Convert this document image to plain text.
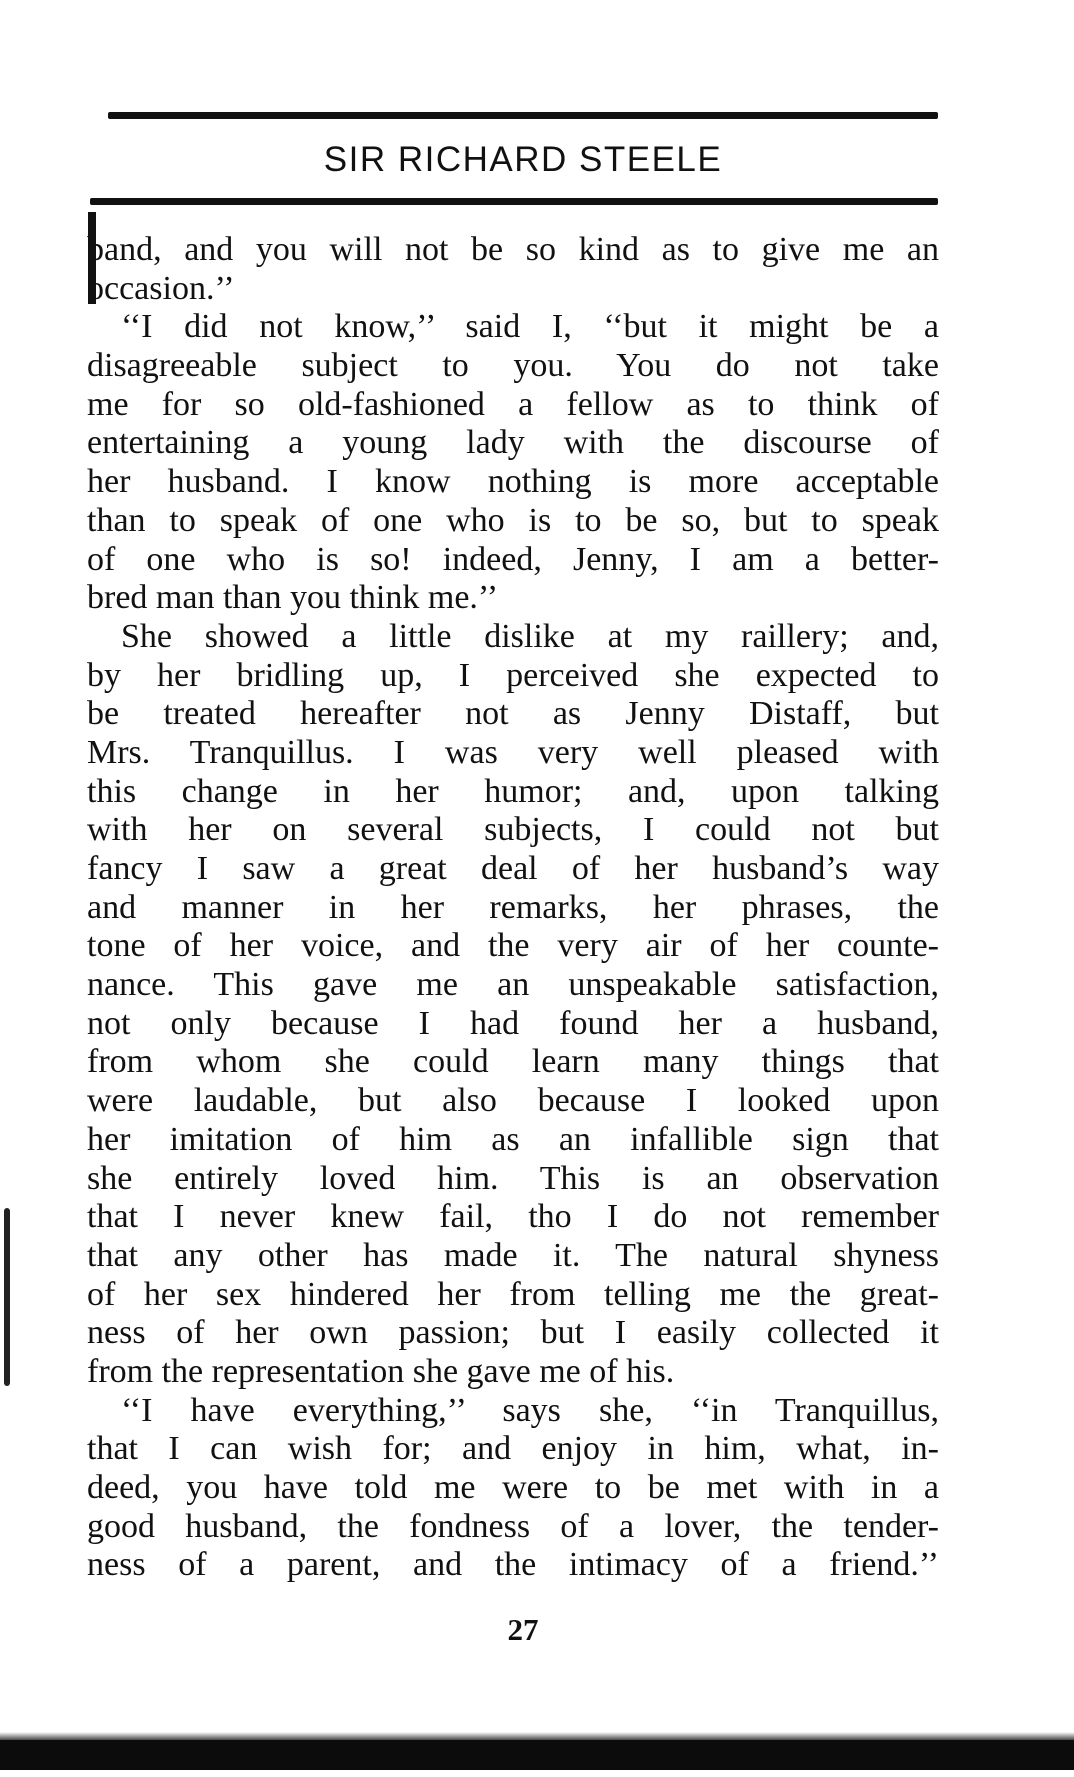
SIR RICHARD STEELE
band, and you will not be so kind as to give me an
occasion.’’
‘‘I did not know,’’ said I, ‘‘but it might be a
disagreeable subject to you. You do not take
me for so old-fashioned a fellow as to think of
entertaining a young lady with the discourse of
her husband. I know nothing is more acceptable
than to speak of one who is to be so, but to speak
of one who is so! indeed, Jenny, I am a better-
bred man than you think me.’’
She showed a little dislike at my raillery; and,
by her bridling up, I perceived she expected to
be treated hereafter not as Jenny Distaff, but
Mrs. Tranquillus. I was very well pleased with
this change in her humor; and, upon talking
with her on several subjects, I could not but
fancy I saw a great deal of her husband’s way
and manner in her remarks, her phrases, the
tone of her voice, and the very air of her counte-
nance. This gave me an unspeakable satisfaction,
not only because I had found her a husband,
from whom she could learn many things that
were laudable, but also because I looked upon
her imitation of him as an infallible sign that
she entirely loved him. This is an observation
that I never knew fail, tho I do not remember
that any other has made it. The natural shyness
of her sex hindered her from telling me the great-
ness of her own passion; but I easily collected it
from the representation she gave me of his.
‘‘I have everything,’’ says she, ‘‘in Tranquillus,
that I can wish for; and enjoy in him, what, in-
deed, you have told me were to be met with in a
good husband, the fondness of a lover, the tender-
ness of a parent, and the intimacy of a friend.’’
27
